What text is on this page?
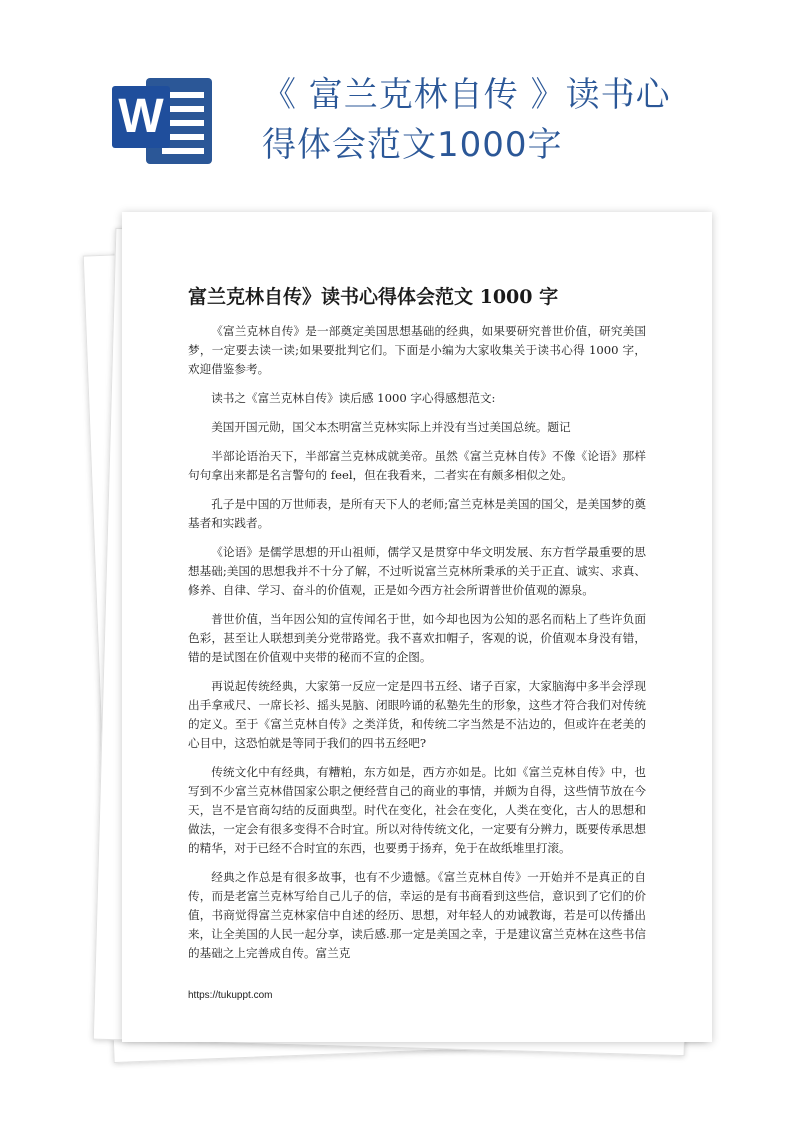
W	《 富兰克林自传 》读书心得体会范文1000字
富兰克林自传》读书心得体会范文 1000 字

《富兰克林自传》是一部奠定美国思想基础的经典，如果要研究普世价值，研究美国梦，一定要去读一读;如果要批判它们。下面是小编为大家收集关于读书心得 1000 字，欢迎借鉴参考。

读书之《富兰克林自传》读后感 1000 字心得感想范文:

美国开国元勋，国父本杰明富兰克林实际上并没有当过美国总统。题记

半部论语治天下，半部富兰克林成就美帝。虽然《富兰克林自传》不像《论语》那样句句拿出来都是名言警句的 feel，但在我看来，二者实在有颇多相似之处。

孔子是中国的万世师表，是所有天下人的老师;富兰克林是美国的国父，是美国梦的奠基者和实践者。

《论语》是儒学思想的开山祖师，儒学又是贯穿中华文明发展、东方哲学最重要的思想基础;美国的思想我并不十分了解，不过听说富兰克林所秉承的关于正直、诚实、求真、修养、自律、学习、奋斗的价值观，正是如今西方社会所谓普世价值观的源泉。

普世价值，当年因公知的宣传闻名于世，如今却也因为公知的恶名而粘上了些许负面色彩，甚至让人联想到美分党带路党。我不喜欢扣帽子，客观的说，价值观本身没有错，错的是试图在价值观中夹带的秘而不宣的企图。

再说起传统经典，大家第一反应一定是四书五经、诸子百家，大家脑海中多半会浮现出手拿戒尺、一席长衫、摇头晃脑、闭眼吟诵的私塾先生的形象，这些才符合我们对传统的定义。至于《富兰克林自传》之类洋货，和传统二字当然是不沾边的，但或许在老美的心目中，这恐怕就是等同于我们的四书五经吧?

传统文化中有经典，有糟粕，东方如是，西方亦如是。比如《富兰克林自传》中，也写到不少富兰克林借国家公职之便经营自己的商业的事情，并颇为自得，这些情节放在今天，岂不是官商勾结的反面典型。时代在变化，社会在变化，人类在变化，古人的思想和做法，一定会有很多变得不合时宜。所以对待传统文化，一定要有分辨力，既要传承思想的精华，对于已经不合时宜的东西，也要勇于扬弃，免于在故纸堆里打滚。

经典之作总是有很多故事，也有不少遗憾。《富兰克林自传》一开始并不是真正的自传，而是老富兰克林写给自己儿子的信，幸运的是有书商看到这些信，意识到了它们的价值，书商觉得富兰克林家信中自述的经历、思想，对年轻人的劝诫教诲，若是可以传播出来，让全美国的人民一起分享，读后感.那一定是美国之幸，于是建议富兰克林在这些书信的基础之上完善成自传。富兰克

https://tukuppt.com
